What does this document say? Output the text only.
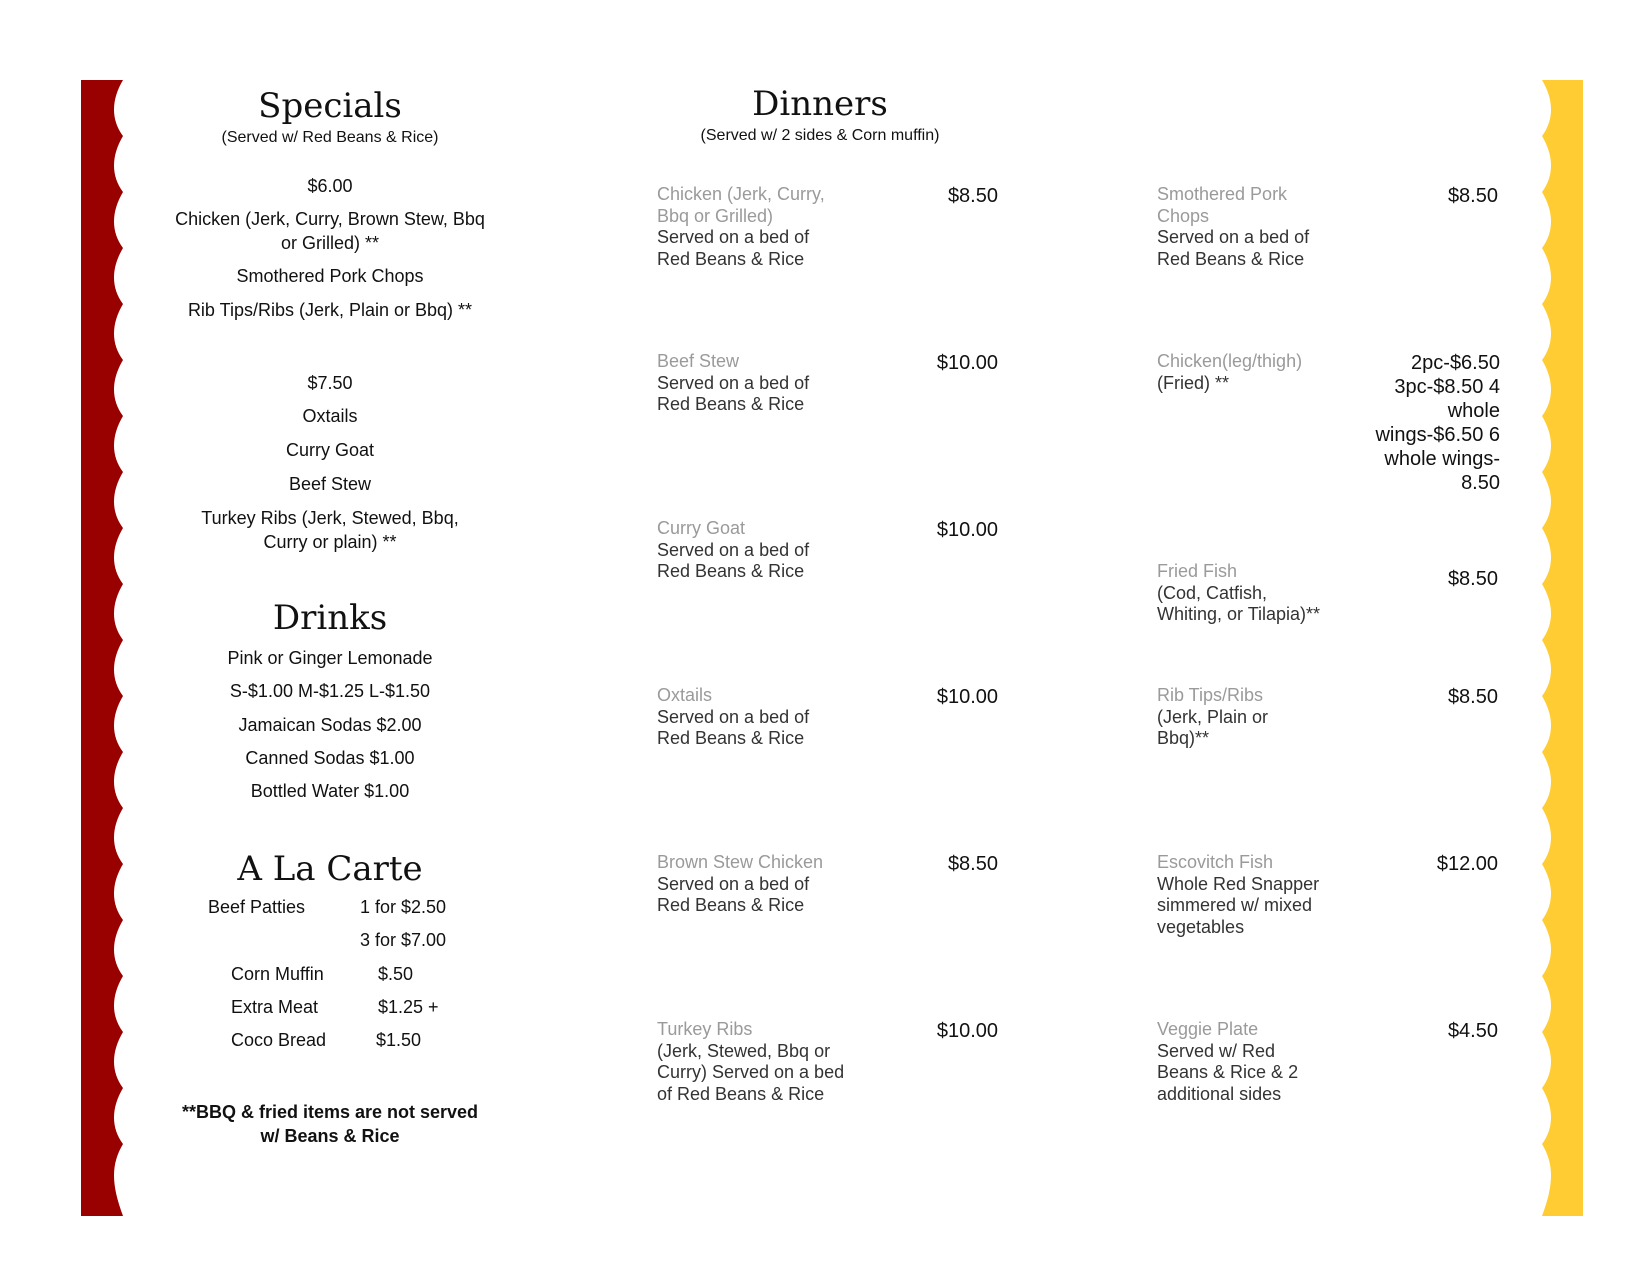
Specials
(Served w/ Red Beans & Rice)
$6.00
Chicken (Jerk, Curry, Brown Stew, Bbq or Grilled) **
Smothered Pork Chops
Rib Tips/Ribs (Jerk, Plain or Bbq) **
$7.50
Oxtails
Curry Goat
Beef Stew
Turkey Ribs (Jerk, Stewed, Bbq, Curry or plain) **
Drinks
Pink or Ginger Lemonade
S-$1.00 M-$1.25 L-$1.50
Jamaican Sodas $2.00
Canned Sodas $1.00
Bottled Water $1.00
A La Carte
Beef Patties	1 for $2.50
3 for $7.00
Corn Muffin	$.50
Extra Meat	$1.25 +
Coco Bread	$1.50
**BBQ & fried items are not served w/ Beans & Rice
Dinners
(Served w/ 2 sides & Corn muffin)
Chicken (Jerk, Curry, Bbq or Grilled)
Served on a bed of Red Beans & Rice
$8.50
Beef Stew
Served on a bed of Red Beans & Rice
$10.00
Curry Goat
Served on a bed of Red Beans & Rice
$10.00
Oxtails
Served on a bed of Red Beans & Rice
$10.00
Brown Stew Chicken
Served on a bed of Red Beans & Rice
$8.50
Turkey Ribs
(Jerk, Stewed, Bbq or Curry) Served on a bed of Red Beans & Rice
$10.00
Smothered Pork Chops
Served on a bed of Red Beans & Rice
$8.50
Chicken(leg/thigh)
(Fried) **
2pc-$6.50 3pc-$8.50 4 whole wings-$6.50 6 whole wings-8.50
Fried Fish
(Cod, Catfish, Whiting, or Tilapia)**
$8.50
Rib Tips/Ribs
(Jerk, Plain or Bbq)**
$8.50
Escovitch Fish
Whole Red Snapper simmered w/ mixed vegetables
$12.00
Veggie Plate
Served w/ Red Beans & Rice & 2 additional sides
$4.50
